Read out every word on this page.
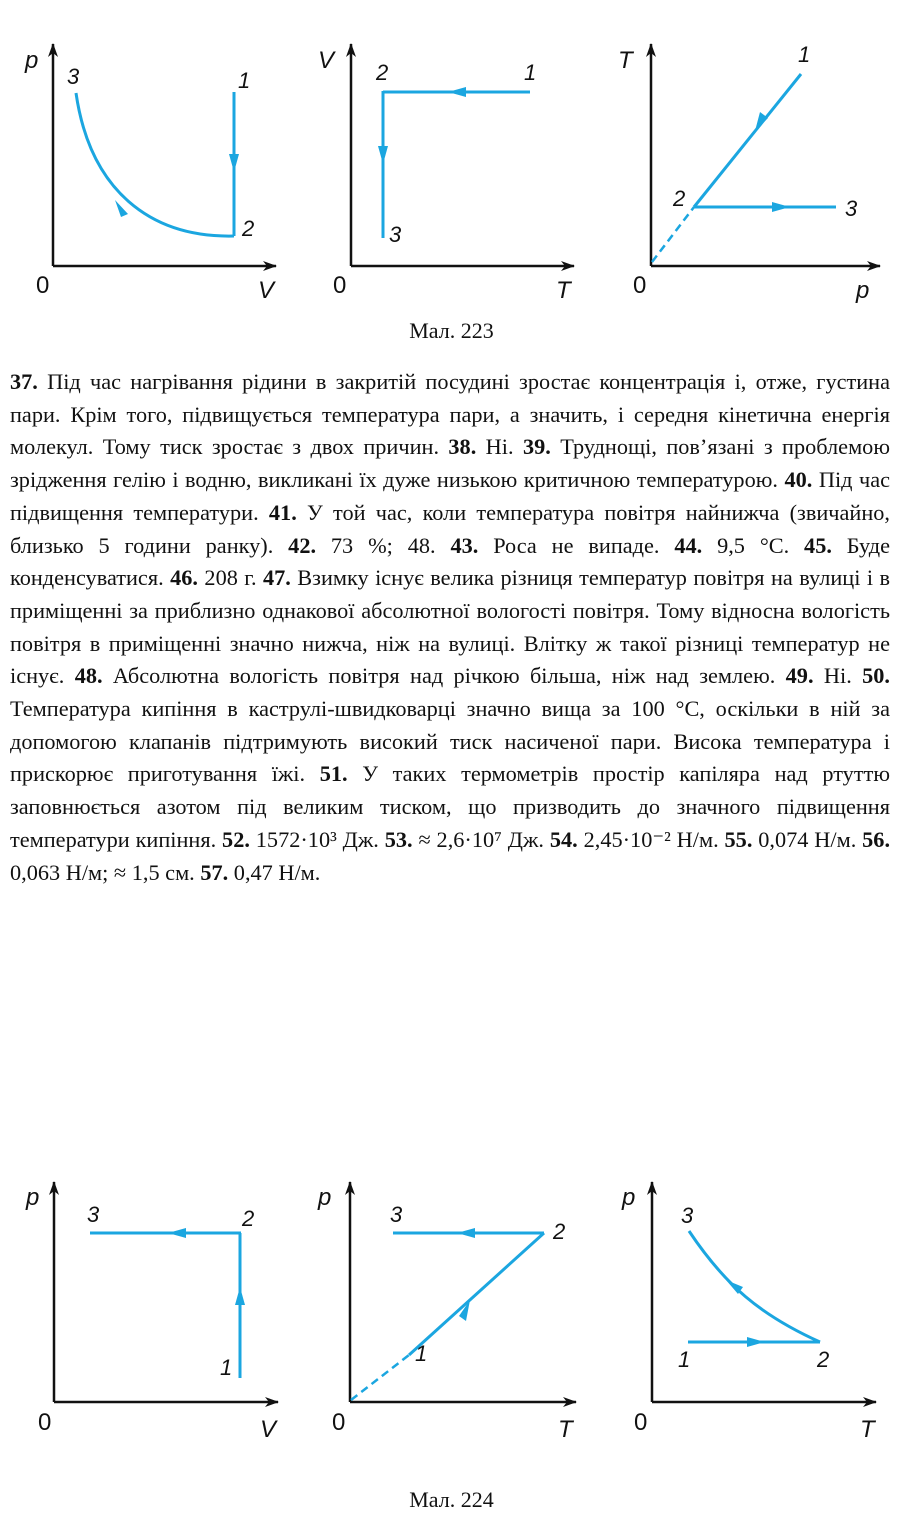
p
V
0
3	1
2
V
T
0
2	1
3
T
p
0
1
2	3
Мал. 223

37. Під час нагрівання рідини в закритій посудині зростає концентрація і, отже, густина пари. Крім того, підвищується температура пари, а значить, і середня кінетична енергія молекул. Тому тиск зростає з двох причин. 38. Ні. 39. Труднощі, пов’язані з проблемою зрідження гелію і водню, викликані їх дуже низькою критичною температурою. 40. Під час підвищення температури. 41. У той час, коли температура повітря найнижча (звичайно, близько 5 години ранку). 42. 73 %; 48. 43. Роса не випаде. 44. 9,5 °С. 45. Буде конденсуватися. 46. 208 г. 47. Взимку існує велика різниця температур повітря на вулиці і в приміщенні за приблизно однакової абсолютної вологості повітря. Тому відносна вологість повітря в приміщенні значно нижча, ніж на вулиці. Влітку ж такої різниці температур не існує. 48. Абсолютна вологість повітря над річкою більша, ніж над землею. 49. Ні. 50. Температура кипіння в каструлі-швидковарці значно вища за 100 °С, оскільки в ній за допомогою клапанів підтримують високий тиск насиченої пари. Висока температура і прискорює приготування їжі. 51. У таких термометрів простір капіляра над ртуттю заповнюється азотом під великим тиском, що призводить до значного підвищення температури кипіння. 52. 1572·10³ Дж. 53. ≈ 2,6·10⁷ Дж. 54. 2,45·10⁻² Н/м. 55. 0,074 Н/м. 56. 0,063 Н/м; ≈ 1,5 см. 57. 0,47 Н/м.

p
V
0
3	2
1
p
T
0
3
2
1
p
T
0
3
1	2
Мал. 224
